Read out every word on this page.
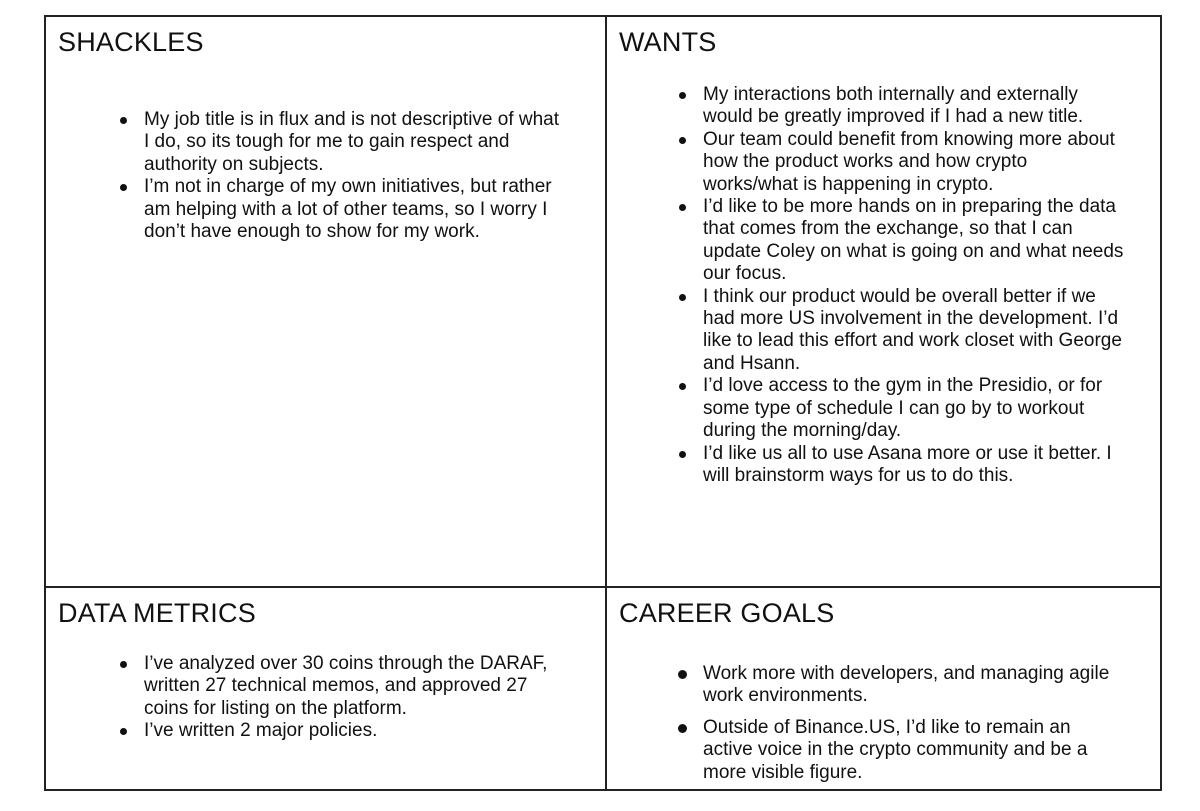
SHACKLES
My job title is in flux and is not descriptive of what I do, so its tough for me to gain respect and authority on subjects.
I’m not in charge of my own initiatives, but rather am helping with a lot of other teams, so I worry I don’t have enough to show for my work.
WANTS
My interactions both internally and externally would be greatly improved if I had a new title.
Our team could benefit from knowing more about how the product works and how crypto works/what is happening in crypto.
I’d like to be more hands on in preparing the data that comes from the exchange, so that I can update Coley on what is going on and what needs our focus.
I think our product would be overall better if we had more US involvement in the development. I’d like to lead this effort and work closet with George and Hsann.
I’d love access to the gym in the Presidio, or for some type of schedule I can go by to workout during the morning/day.
I’d like us all to use Asana more or use it better. I will brainstorm ways for us to do this.
DATA METRICS
I’ve analyzed over 30 coins through the DARAF, written 27 technical memos, and approved 27 coins for listing on the platform.
I’ve written 2 major policies.
CAREER GOALS
Work more with developers, and managing agile work environments.
Outside of Binance.US, I’d like to remain an active voice in the crypto community and be a more visible figure.
